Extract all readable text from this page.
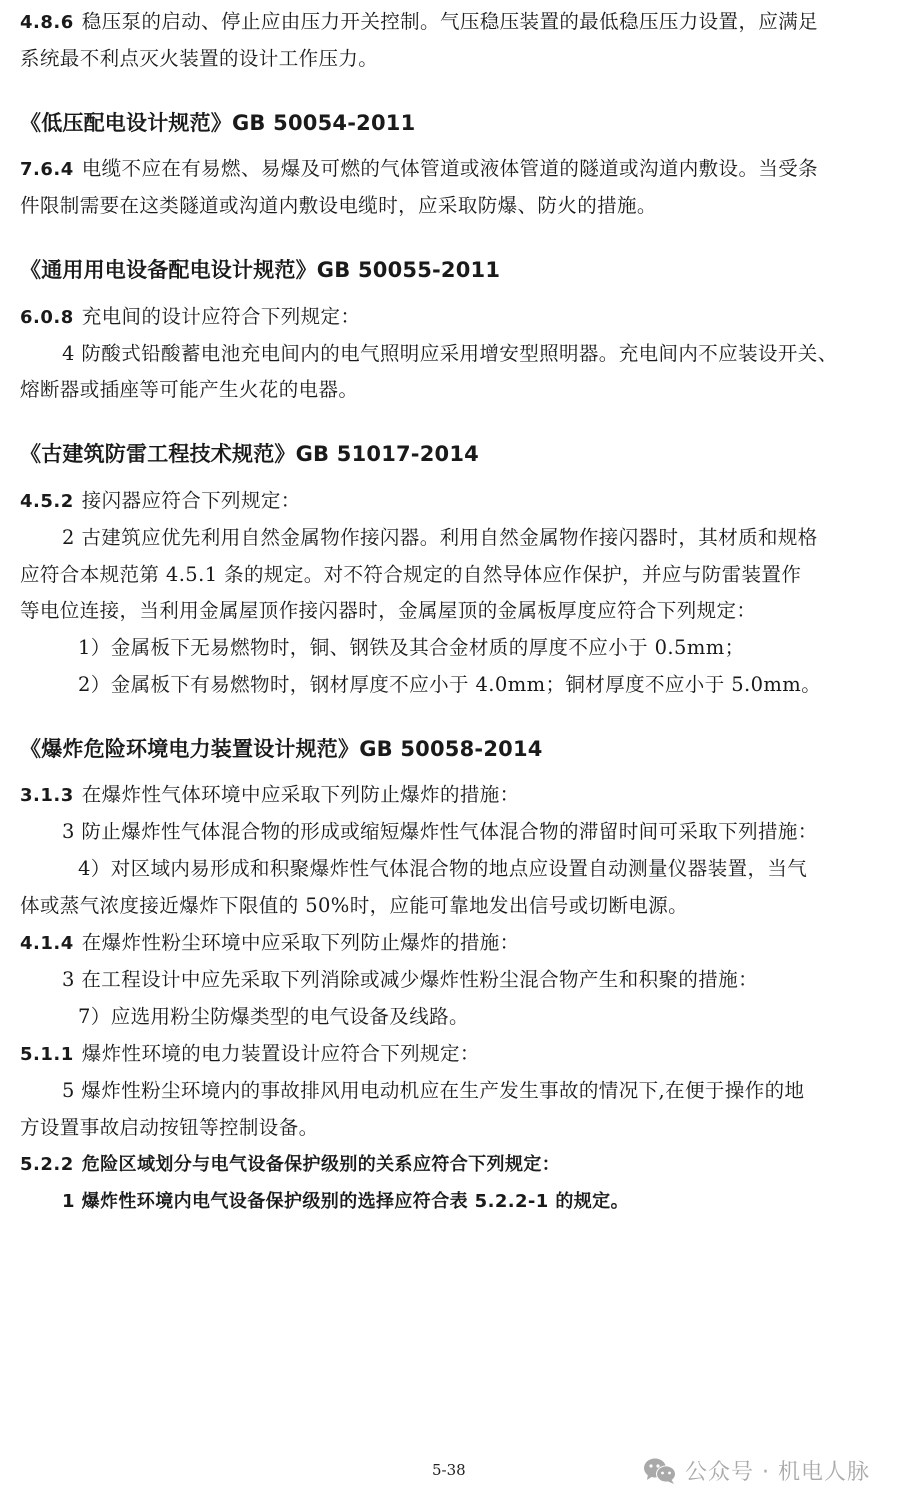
4.8.6 稳压泵的启动、停止应由压力开关控制。气压稳压装置的最低稳压压力设置，应满足
系统最不利点灭火装置的设计工作压力。
《低压配电设计规范》GB 50054-2011
7.6.4 电缆不应在有易燃、易爆及可燃的气体管道或液体管道的隧道或沟道内敷设。当受条
件限制需要在这类隧道或沟道内敷设电缆时，应采取防爆、防火的措施。
《通用用电设备配电设计规范》GB 50055-2011
6.0.8 充电间的设计应符合下列规定：
4 防酸式铅酸蓄电池充电间内的电气照明应采用增安型照明器。充电间内不应装设开关、
熔断器或插座等可能产生火花的电器。
《古建筑防雷工程技术规范》GB 51017-2014
4.5.2 接闪器应符合下列规定：
2 古建筑应优先利用自然金属物作接闪器。利用自然金属物作接闪器时，其材质和规格
应符合本规范第 4.5.1 条的规定。对不符合规定的自然导体应作保护，并应与防雷装置作
等电位连接，当利用金属屋顶作接闪器时，金属屋顶的金属板厚度应符合下列规定：
1）金属板下无易燃物时，铜、钢铁及其合金材质的厚度不应小于 0.5mm；
2）金属板下有易燃物时，钢材厚度不应小于 4.0mm；铜材厚度不应小于 5.0mm。
《爆炸危险环境电力装置设计规范》GB 50058-2014
3.1.3 在爆炸性气体环境中应采取下列防止爆炸的措施：
3 防止爆炸性气体混合物的形成或缩短爆炸性气体混合物的滞留时间可采取下列措施：
4）对区域内易形成和积聚爆炸性气体混合物的地点应设置自动测量仪器装置，当气
体或蒸气浓度接近爆炸下限值的 50%时，应能可靠地发出信号或切断电源。
4.1.4 在爆炸性粉尘环境中应采取下列防止爆炸的措施：
3 在工程设计中应先采取下列消除或减少爆炸性粉尘混合物产生和积聚的措施：
7）应选用粉尘防爆类型的电气设备及线路。
5.1.1 爆炸性环境的电力装置设计应符合下列规定：
5 爆炸性粉尘环境内的事故排风用电动机应在生产发生事故的情况下,在便于操作的地
方设置事故启动按钮等控制设备。
5.2.2 危险区域划分与电气设备保护级别的关系应符合下列规定：
1 爆炸性环境内电气设备保护级别的选择应符合表 5.2.2-1 的规定。
5-38	公众号 · 机电人脉
